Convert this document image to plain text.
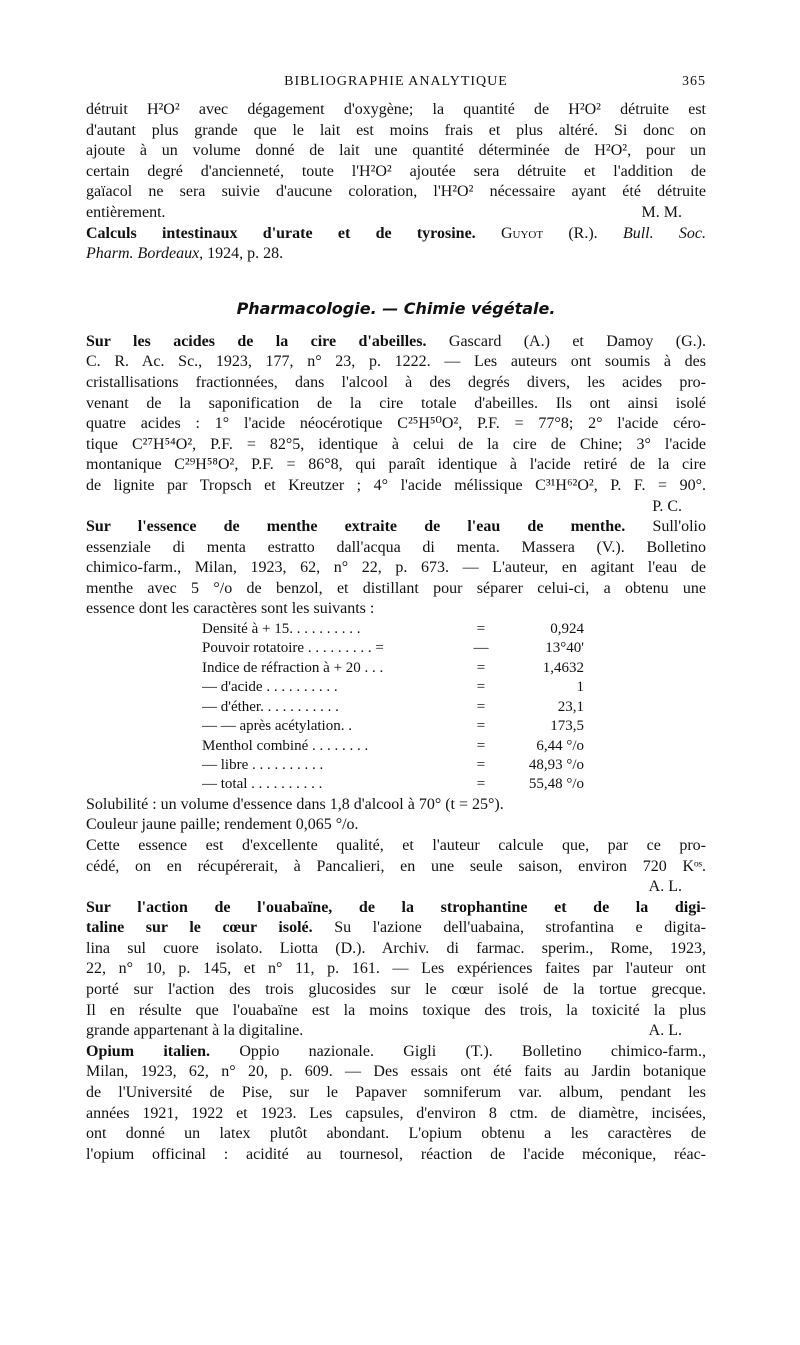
BIBLIOGRAPHIE ANALYTIQUE	365
détruit H²O² avec dégagement d'oxygène; la quantité de H²O² détruite est
d'autant plus grande que le lait est moins frais et plus altéré. Si donc on
ajoute à un volume donné de lait une quantité déterminée de H²O², pour un
certain degré d'ancienneté, toute l'H²O² ajoutée sera détruite et l'addition de
gaïacol ne sera suivie d'aucune coloration, l'H²O² nécessaire ayant été détruite
entièrement.	M. M.
Calculs intestinaux d'urate et de tyrosine. Guyot (R.). Bull. Soc.
Pharm. Bordeaux, 1924, p. 28.
Pharmacologie. — Chimie végétale.
Sur les acides de la cire d'abeilles. Gascard (A.) et Damoy (G.).
C. R. Ac. Sc., 1923, 177, n° 23, p. 1222. — Les auteurs ont soumis à des
cristallisations fractionnées, dans l'alcool à des degrés divers, les acides pro-
venant de la saponification de la cire totale d'abeilles. Ils ont ainsi isolé
quatre acides : 1° l'acide néocérotique C²⁵H⁵⁰O², P.F. = 77°8; 2° l'acide céro-
tique C²⁷H⁵⁴O², P.F. = 82°5, identique à celui de la cire de Chine; 3° l'acide
montanique C²⁹H⁵⁸O², P.F. = 86°8, qui paraît identique à l'acide retiré de la cire
de lignite par Tropsch et Kreutzer ; 4° l'acide mélissique C³¹H⁶²O², P. F. = 90°.
P. C.
Sur l'essence de menthe extraite de l'eau de menthe. Sull'olio
essenziale di menta estratto dall'acqua di menta. Massera (V.). Bolletino
chimico-farm., Milan, 1923, 62, n° 22, p. 673. — L'auteur, en agitant l'eau de
menthe avec 5 °/o de benzol, et distillant pour séparer celui-ci, a obtenu une
essence dont les caractères sont les suivants :
Densité à + 15. . . . . . . . . .	=	0,924
Pouvoir rotatoire . . . . . . . . . =	—	13°40'
Indice de réfraction à + 20 . . .	=	1,4632
— d'acide . . . . . . . . . .	=	1
— d'éther. . . . . . . . . . .	=	23,1
— — après acétylation. .	=	173,5
Menthol combiné . . . . . . . .	=	6,44 °/o
— libre . . . . . . . . . .	=	48,93 °/o
— total . . . . . . . . . .	=	55,48 °/o
Solubilité : un volume d'essence dans 1,8 d'alcool à 70° (t = 25°).
Couleur jaune paille; rendement 0,065 °/o.
Cette essence est d'excellente qualité, et l'auteur calcule que, par ce pro-
cédé, on en récupérerait, à Pancalieri, en une seule saison, environ 720 Kᵒˢ.
A. L.
Sur l'action de l'ouabaïne, de la strophantine et de la digi-
taline sur le cœur isolé. Su l'azione dell'uabaina, strofantina e digita-
lina sul cuore isolato. Liotta (D.). Archiv. di farmac. sperim., Rome, 1923,
22, n° 10, p. 145, et n° 11, p. 161. — Les expériences faites par l'auteur ont
porté sur l'action des trois glucosides sur le cœur isolé de la tortue grecque.
Il en résulte que l'ouabaïne est la moins toxique des trois, la toxicité la plus
grande appartenant à la digitaline.	A. L.
Opium italien. Oppio nazionale. Gigli (T.). Bolletino chimico-farm.,
Milan, 1923, 62, n° 20, p. 609. — Des essais ont été faits au Jardin botanique
de l'Université de Pise, sur le Papaver somniferum var. album, pendant les
années 1921, 1922 et 1923. Les capsules, d'environ 8 ctm. de diamètre, incisées,
ont donné un latex plutôt abondant. L'opium obtenu a les caractères de
l'opium officinal : acidité au tournesol, réaction de l'acide méconique, réac-
